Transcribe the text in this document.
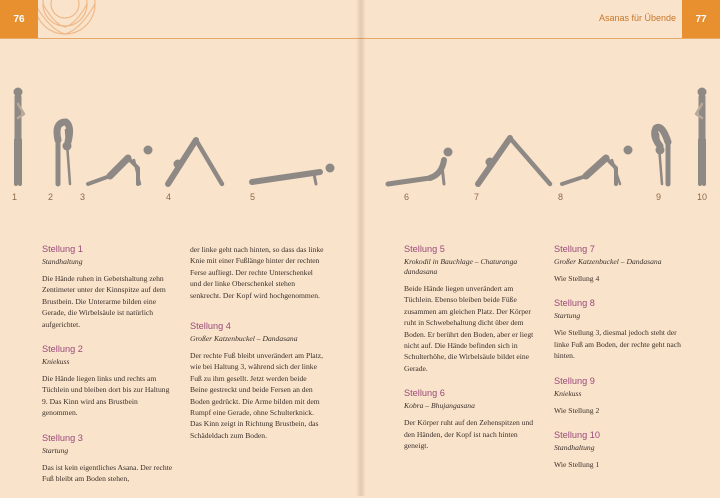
76	Asanas für Übende	77
1	2	3	4	5	6	7	8	9	10
Stellung 1
Standhaltung

Die Hände ruhen in Gebetshaltung zehn Zentimeter unter der Kinnspitze auf dem Brustbein. Die Unterarme bilden eine Gerade, die Wirbelsäule ist natürlich aufgerichtet.

Stellung 2
Kniekuss

Die Hände liegen links und rechts am Tüchlein und bleiben dort bis zur Haltung 9. Das Kinn wird ans Brustbein genommen.

Stellung 3
Startung

Das ist kein eigentliches Asana. Der rechte Fuß bleibt am Boden stehen,

der linke geht nach hinten, so dass das linke Knie mit einer Fußlänge hinter der rechten Ferse aufliegt. Der rechte Unterschenkel und der linke Oberschenkel stehen senkrecht. Der Kopf wird hochgenommen.

Stellung 4
Großer Katzenbuckel – Dandasana

Der rechte Fuß bleibt unverändert am Platz, wie bei Haltung 3, während sich der linke Fuß zu ihm gesellt. Jetzt werden beide Beine gestreckt und beide Fersen an den Boden gedrückt. Die Arme bilden mit dem Rumpf eine Gerade, ohne Schulterknick. Das Kinn zeigt in Richtung Brustbein, das Schädeldach zum Boden.

Stellung 5
Krokodil in Bauchlage – Chaturanga dandasana

Beide Hände liegen unverändert am Tüchlein. Ebenso bleiben beide Füße zusammen am gleichen Platz. Der Körper ruht in Schwebehaltung dicht über dem Boden. Er berührt den Boden, aber er liegt nicht auf. Die Hände befinden sich in Schulterhöhe, die Wirbelsäule bildet eine Gerade.

Stellung 6
Kobra – Bhujangasana

Der Körper ruht auf den Zehenspitzen und den Händen, der Kopf ist nach hinten geneigt.

Stellung 7
Großer Katzenbuckel – Dandasana

Wie Stellung 4

Stellung 8
Startung

Wie Stellung 3, diesmal jedoch steht der linke Fuß am Boden, der rechte geht nach hinten.

Stellung 9
Kniekuss

Wie Stellung 2

Stellung 10
Standhaltung

Wie Stellung 1
